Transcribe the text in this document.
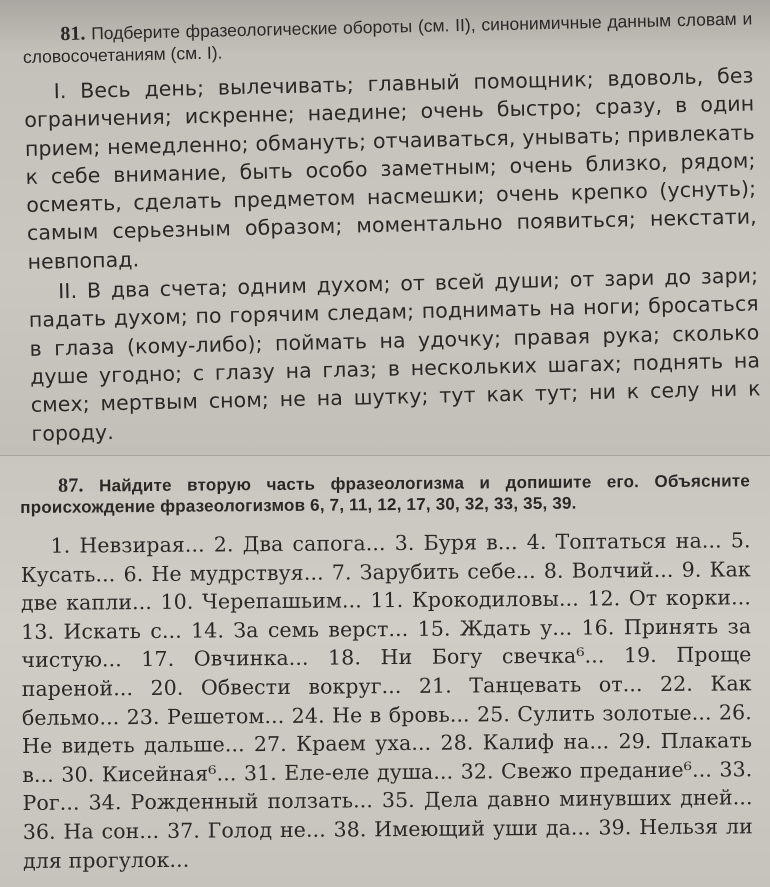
81. Подберите фразеологические обороты (см. II), синонимичные данным словам и словосочетаниям (см. I).

I. Весь день; вылечивать; главный помощник; вдоволь, без ограничения; искренне; наедине; очень быстро; сразу, в один прием; немедленно; обмануть; отчаиваться, унывать; привлекать к себе внимание, быть особо заметным; очень близко, рядом; осмеять, сделать предметом насмешки; очень крепко (уснуть); самым серьезным образом; моментально появиться; некстати, невпопад.

II. В два счета; одним духом; от всей души; от зари до зари; падать духом; по горячим следам; поднимать на ноги; бросаться в глаза (кому-либо); поймать на удочку; правая рука; сколько душе угодно; с глазу на глаз; в нескольких шагах; поднять на смех; мертвым сном; не на шутку; тут как тут; ни к селу ни к городу.

87. Найдите вторую часть фразеологизма и допишите его. Объясните происхождение фразеологизмов 6, 7, 11, 12, 17, 30, 32, 33, 35, 39.

1. Невзирая... 2. Два сапога... 3. Буря в... 4. Топтаться на... 5. Кусать... 6. Не мудрствуя... 7. Зарубить себе... 8. Волчий... 9. Как две капли... 10. Черепашьим... 11. Крокодиловы... 12. От корки... 13. Искать с... 14. За семь верст... 15. Ждать у... 16. Принять за чистую... 17. Овчинка... 18. Ни Богу свечка⁶... 19. Проще пареной... 20. Обвести вокруг... 21. Танцевать от... 22. Как бельмо... 23. Решетом... 24. Не в бровь... 25. Сулить золотые... 26. Не видеть дальше... 27. Краем уха... 28. Калиф на... 29. Плакать в... 30. Кисейная⁶... 31. Еле-еле душа... 32. Свежо предание⁶... 33. Рог... 34. Рожденный ползать... 35. Дела давно минувших дней... 36. На сон... 37. Голод не... 38. Имеющий уши да... 39. Нельзя ли для прогулок...
